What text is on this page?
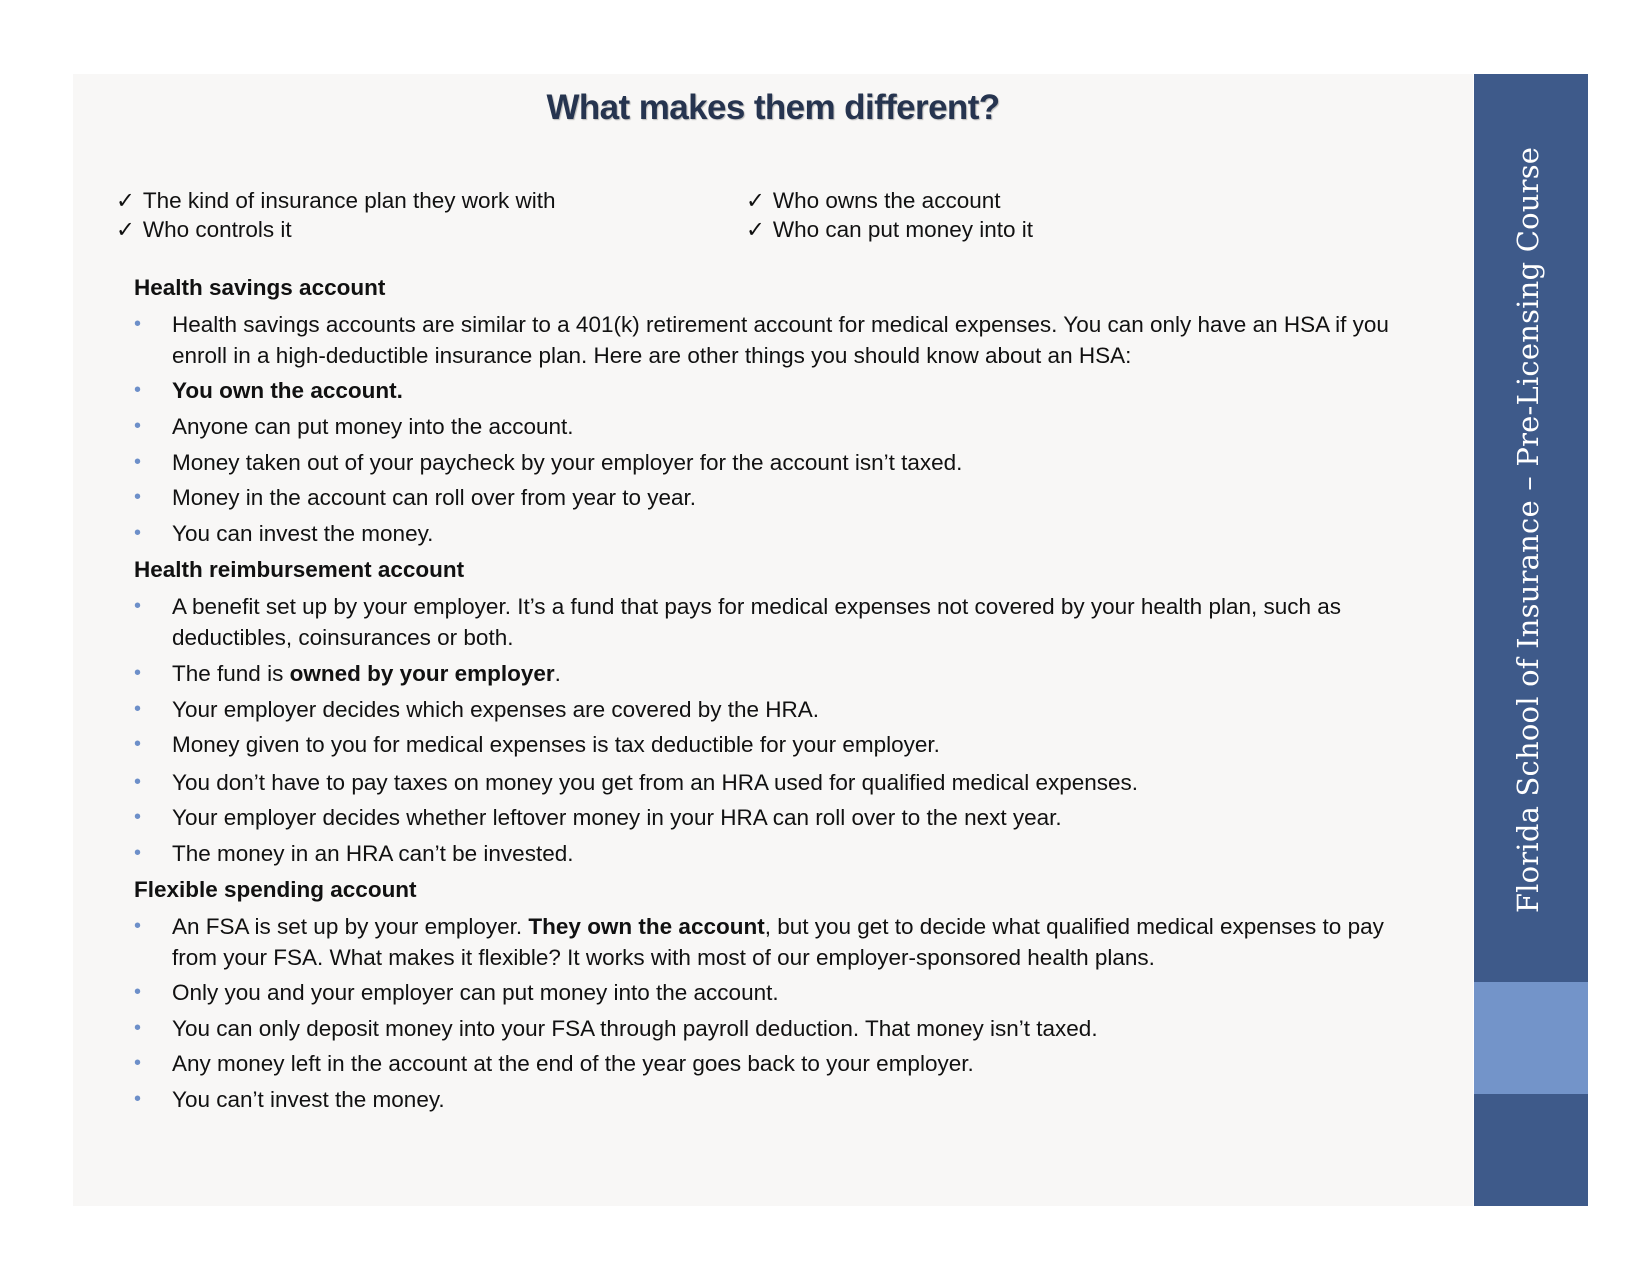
Florida School of Insurance – Pre-Licensing Course
What makes them different?
✓ The kind of insurance plan they work with
✓ Who controls it
✓ Who owns the account
✓ Who can put money into it
Health savings account
• Health savings accounts are similar to a 401(k) retirement account for medical expenses. You can only have an HSA if you enroll in a high-deductible insurance plan. Here are other things you should know about an HSA:
• You own the account.
• Anyone can put money into the account.
• Money taken out of your paycheck by your employer for the account isn’t taxed.
• Money in the account can roll over from year to year.
• You can invest the money.
Health reimbursement account
• A benefit set up by your employer. It’s a fund that pays for medical expenses not covered by your health plan, such as deductibles, coinsurances or both.
• The fund is owned by your employer.
• Your employer decides which expenses are covered by the HRA.
• Money given to you for medical expenses is tax deductible for your employer.
• You don’t have to pay taxes on money you get from an HRA used for qualified medical expenses.
• Your employer decides whether leftover money in your HRA can roll over to the next year.
• The money in an HRA can’t be invested.
Flexible spending account
• An FSA is set up by your employer. They own the account, but you get to decide what qualified medical expenses to pay from your FSA. What makes it flexible? It works with most of our employer-sponsored health plans.
• Only you and your employer can put money into the account.
• You can only deposit money into your FSA through payroll deduction. That money isn’t taxed.
• Any money left in the account at the end of the year goes back to your employer.
• You can’t invest the money.
